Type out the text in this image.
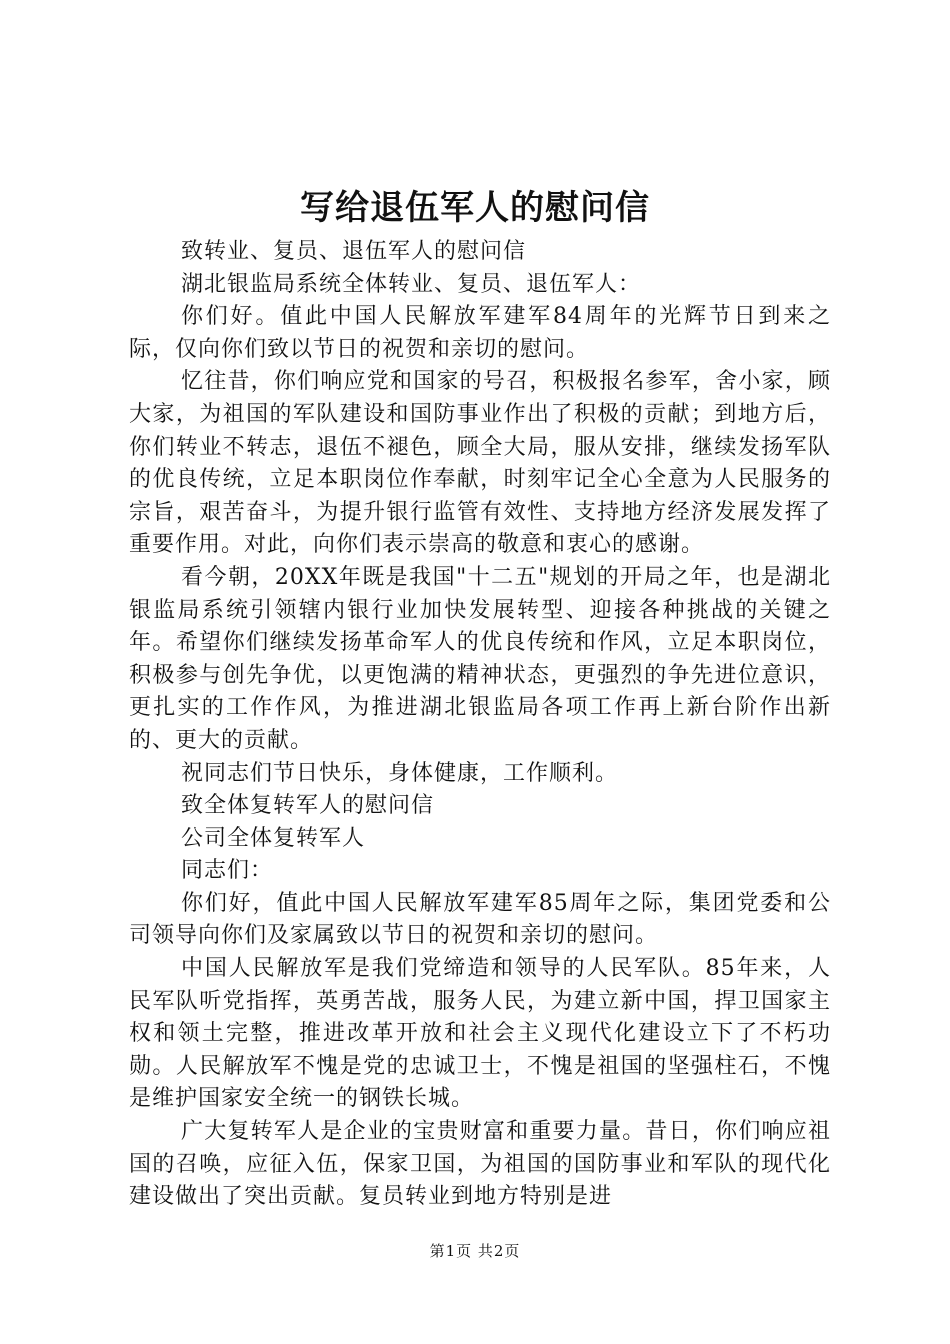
写给退伍军人的慰问信

致转业、复员、退伍军人的慰问信

湖北银监局系统全体转业、复员、退伍军人：

你们好。值此中国人民解放军建军84周年的光辉节日到来之际，仅向你们致以节日的祝贺和亲切的慰问。

忆往昔，你们响应党和国家的号召，积极报名参军，舍小家，顾大家，为祖国的军队建设和国防事业作出了积极的贡献；到地方后，你们转业不转志，退伍不褪色，顾全大局，服从安排，继续发扬军队的优良传统，立足本职岗位作奉献，时刻牢记全心全意为人民服务的宗旨，艰苦奋斗，为提升银行监管有效性、支持地方经济发展发挥了重要作用。对此，向你们表示崇高的敬意和衷心的感谢。

看今朝，20XX年既是我国"十二五"规划的开局之年，也是湖北银监局系统引领辖内银行业加快发展转型、迎接各种挑战的关键之年。希望你们继续发扬革命军人的优良传统和作风，立足本职岗位，积极参与创先争优，以更饱满的精神状态，更强烈的争先进位意识，更扎实的工作作风，为推进湖北银监局各项工作再上新台阶作出新的、更大的贡献。

祝同志们节日快乐，身体健康，工作顺利。

致全体复转军人的慰问信

公司全体复转军人

同志们：

你们好，值此中国人民解放军建军85周年之际，集团党委和公司领导向你们及家属致以节日的祝贺和亲切的慰问。

中国人民解放军是我们党缔造和领导的人民军队。85年来，人民军队听党指挥，英勇苦战，服务人民，为建立新中国，捍卫国家主权和领土完整，推进改革开放和社会主义现代化建设立下了不朽功勋。人民解放军不愧是党的忠诚卫士，不愧是祖国的坚强柱石，不愧是维护国家安全统一的钢铁长城。

广大复转军人是企业的宝贵财富和重要力量。昔日，你们响应祖国的召唤，应征入伍，保家卫国，为祖国的国防事业和军队的现代化建设做出了突出贡献。复员转业到地方特别是进

第1页 共2页
